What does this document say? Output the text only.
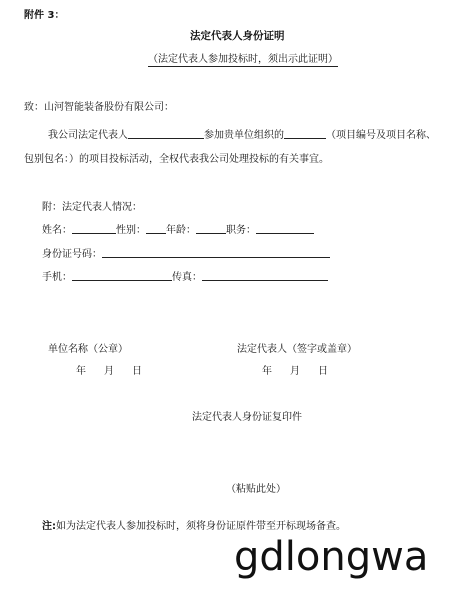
附件 3：
法定代表人身份证明
（法定代表人参加投标时，须出示此证明）
致：山河智能装备股份有限公司：
我公司法定代表人	参加贵单位组织的	（项目编号及项目名称、
包别包名：）的项目投标活动，全权代表我公司处理投标的有关事宜。
附：法定代表人情况：
姓名：	性别： 年龄：	职务：
身份证号码：
手机：	传真：
单位名称（公章）	法定代表人（签字或盖章）
年 月 日	年 月 日
法定代表人身份证复印件
（粘贴此处）
注:如为法定代表人参加投标时，须将身份证原件带至开标现场备查。
gdlongwa
